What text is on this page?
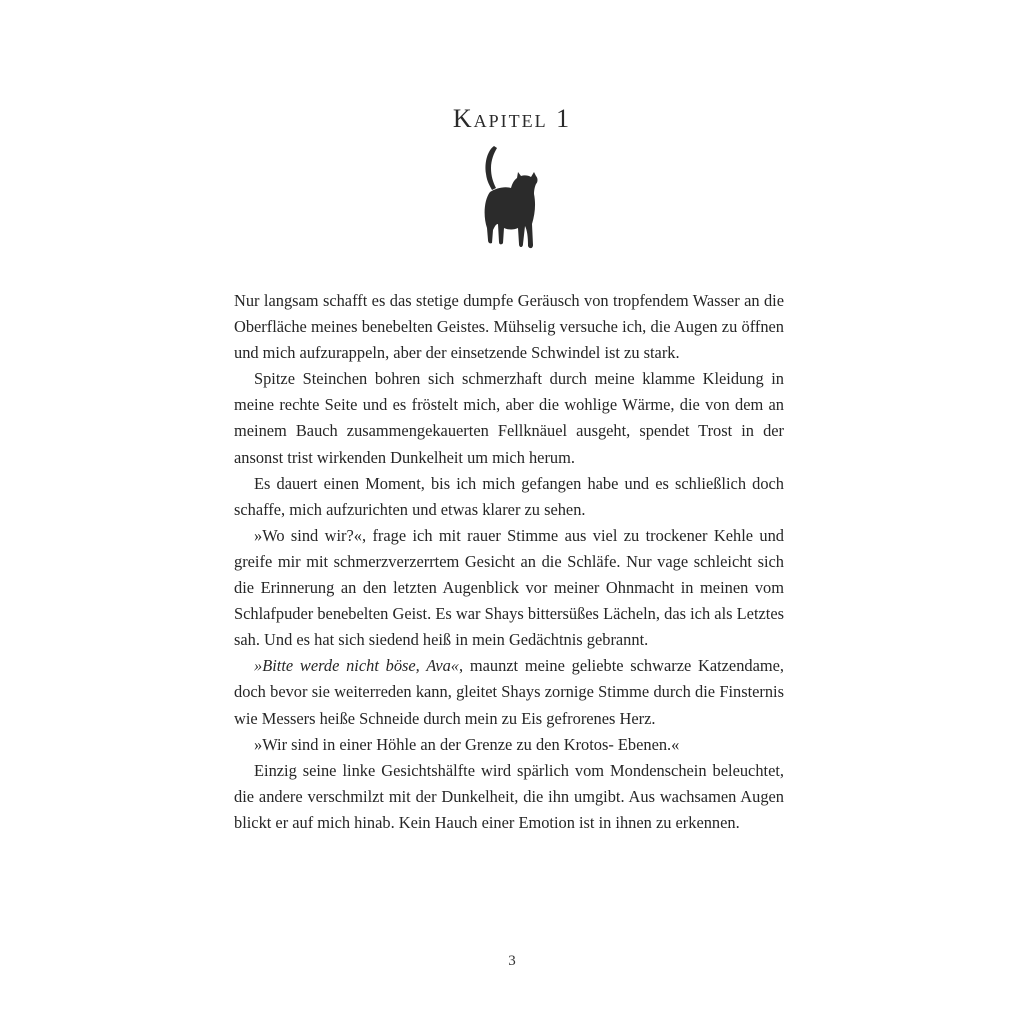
Kapitel 1

Nur langsam schafft es das stetige dumpfe Geräusch von tropfendem Wasser an die Oberfläche meines benebelten Geistes. Mühselig versuche ich, die Augen zu öffnen und mich aufzurappeln, aber der einsetzende Schwindel ist zu stark.

Spitze Steinchen bohren sich schmerzhaft durch meine klamme Kleidung in meine rechte Seite und es fröstelt mich, aber die wohlige Wärme, die von dem an meinem Bauch zusammengekauerten Fellknäuel ausgeht, spendet Trost in der ansonst trist wirkenden Dunkelheit um mich herum.

Es dauert einen Moment, bis ich mich gefangen habe und es schließlich doch schaffe, mich aufzurichten und etwas klarer zu sehen.

»Wo sind wir?«, frage ich mit rauer Stimme aus viel zu trockener Kehle und greife mir mit schmerzverzerrtem Gesicht an die Schläfe. Nur vage schleicht sich die Erinnerung an den letzten Augenblick vor meiner Ohnmacht in meinen vom Schlafpuder benebelten Geist. Es war Shays bittersüßes Lächeln, das ich als Letztes sah. Und es hat sich siedend heiß in mein Gedächtnis gebrannt.

»Bitte werde nicht böse, Ava«, maunzt meine geliebte schwarze Katzendame, doch bevor sie weiterreden kann, gleitet Shays zornige Stimme durch die Finsternis wie Messers heiße Schneide durch mein zu Eis gefrorenes Herz.

»Wir sind in einer Höhle an der Grenze zu den Krotos- Ebenen.«

Einzig seine linke Gesichtshälfte wird spärlich vom Mondenschein beleuchtet, die andere verschmilzt mit der Dunkelheit, die ihn umgibt. Aus wachsamen Augen blickt er auf mich hinab. Kein Hauch einer Emotion ist in ihnen zu erkennen.

3
